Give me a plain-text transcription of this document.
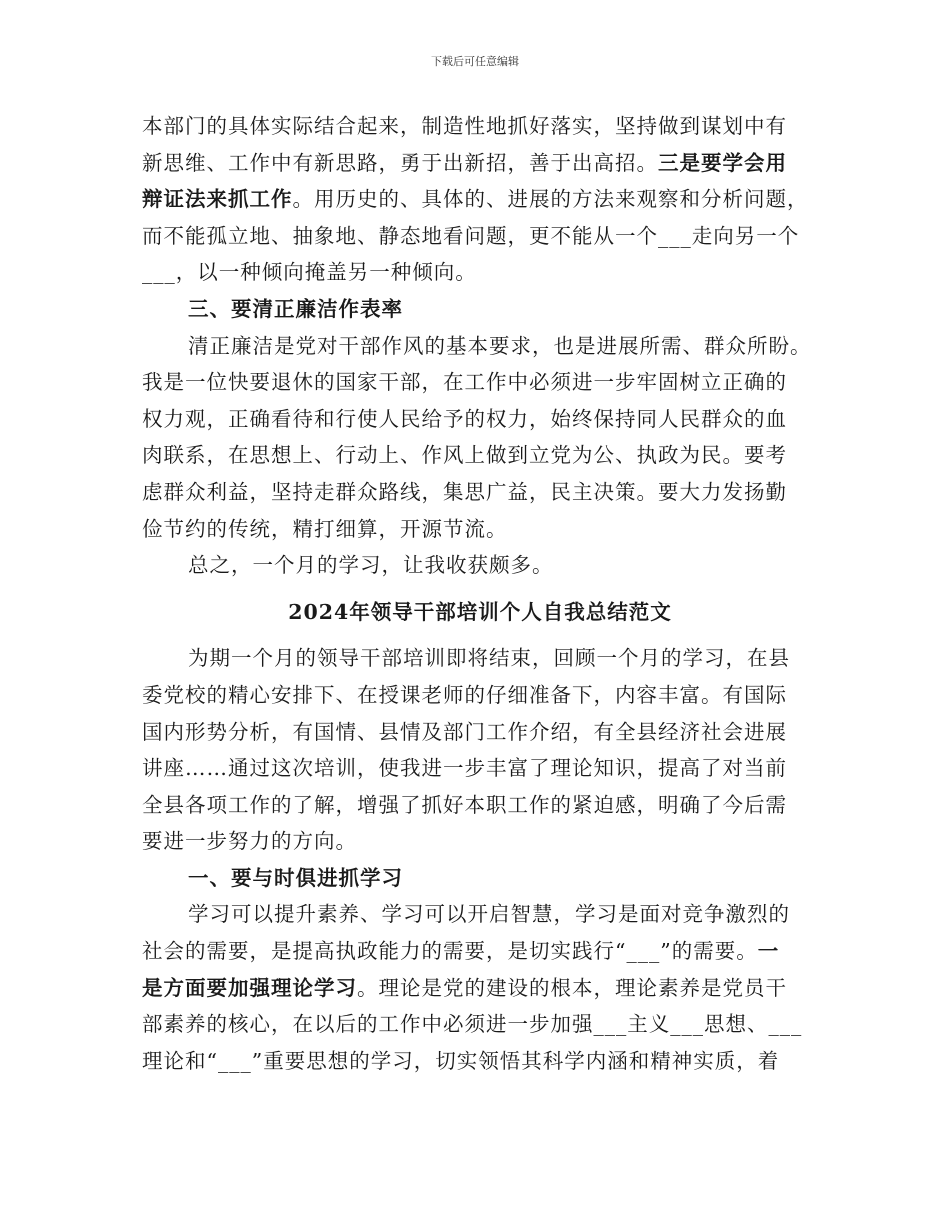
下载后可任意编辑
本部门的具体实际结合起来，制造性地抓好落实，坚持做到谋划中有
新思维、工作中有新思路，勇于出新招，善于出高招。三是要学会用
辩证法来抓工作。用历史的、具体的、进展的方法来观察和分析问题，
而不能孤立地、抽象地、静态地看问题，更不能从一个___走向另一个
___，以一种倾向掩盖另一种倾向。
三、要清正廉洁作表率
清正廉洁是党对干部作风的基本要求，也是进展所需、群众所盼。
我是一位快要退休的国家干部，在工作中必须进一步牢固树立正确的
权力观，正确看待和行使人民给予的权力，始终保持同人民群众的血
肉联系，在思想上、行动上、作风上做到立党为公、执政为民。要考
虑群众利益，坚持走群众路线，集思广益，民主决策。要大力发扬勤
俭节约的传统，精打细算，开源节流。
总之，一个月的学习，让我收获颇多。
2024年领导干部培训个人自我总结范文
为期一个月的领导干部培训即将结束，回顾一个月的学习，在县
委党校的精心安排下、在授课老师的仔细准备下，内容丰富。有国际
国内形势分析，有国情、县情及部门工作介绍，有全县经济社会进展
讲座……通过这次培训，使我进一步丰富了理论知识，提高了对当前
全县各项工作的了解，增强了抓好本职工作的紧迫感，明确了今后需
要进一步努力的方向。
一、要与时俱进抓学习
学习可以提升素养、学习可以开启智慧，学习是面对竞争激烈的
社会的需要，是提高执政能力的需要，是切实践行“___”的需要。一
是方面要加强理论学习。理论是党的建设的根本，理论素养是党员干
部素养的核心，在以后的工作中必须进一步加强___主义___思想、___
理论和“___”重要思想的学习，切实领悟其科学内涵和精神实质，着
